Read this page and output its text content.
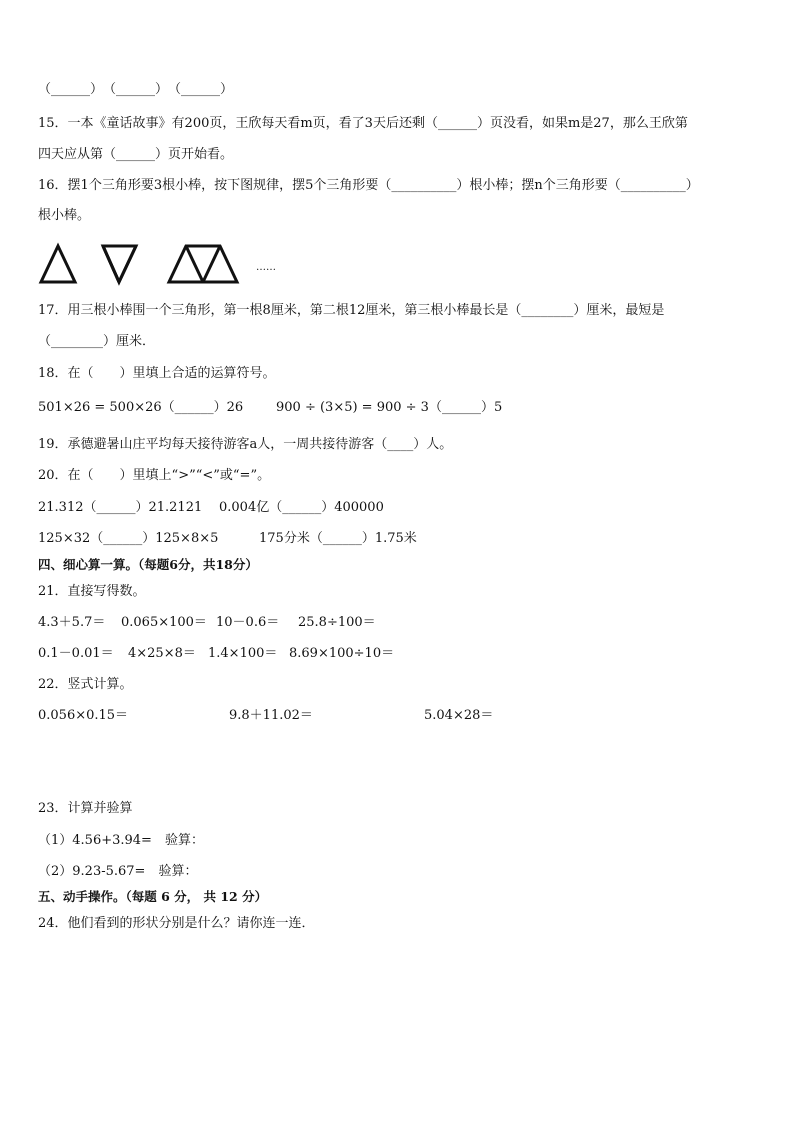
（______）　（______）　（______）
15．一本《童话故事》有200页，王欣每天看m页，看了3天后还剩（______）页没看，如果m是27，那么王欣第
四天应从第（______）页开始看。
16．摆1个三角形要3根小棒，按下图规律，摆5个三角形要（__________）根小棒；摆n个三角形要（__________）
根小棒。
……
17．用三根小棒围一个三角形，第一根8厘米，第二根12厘米，第三根小棒最长是（________）厘米，最短是
（________）厘米．
18．在（　　）里填上合适的运算符号。
501×26 = 500×26（______）26	900 ÷ (3×5) = 900 ÷ 3（______）5
19．承德避暑山庄平均每天接待游客a人，一周共接待游客（____）人。
20．在（　　）里填上“>”“<”或“=”。
21.312（______）21.2121 0.004亿（______）400000
125×32（______）125×8×5	175分米（______）1.75米
四、细心算一算。（每题6分，共18分）
21．直接写得数。
4.3＋5.7＝ 0.065×100＝ 10－0.6＝ 25.8÷100＝
0.1－0.01＝ 4×25×8＝ 1.4×100＝ 8.69×100÷10＝
22．竖式计算。
0.056×0.15＝	9.8＋11.02＝	5.04×28＝
23．计算并验算
（1）4.56+3.94=　验算：
（2）9.23-5.67=　验算：
五、动手操作。（每题 6 分， 共 12 分）
24．他们看到的形状分别是什么？请你连一连．
